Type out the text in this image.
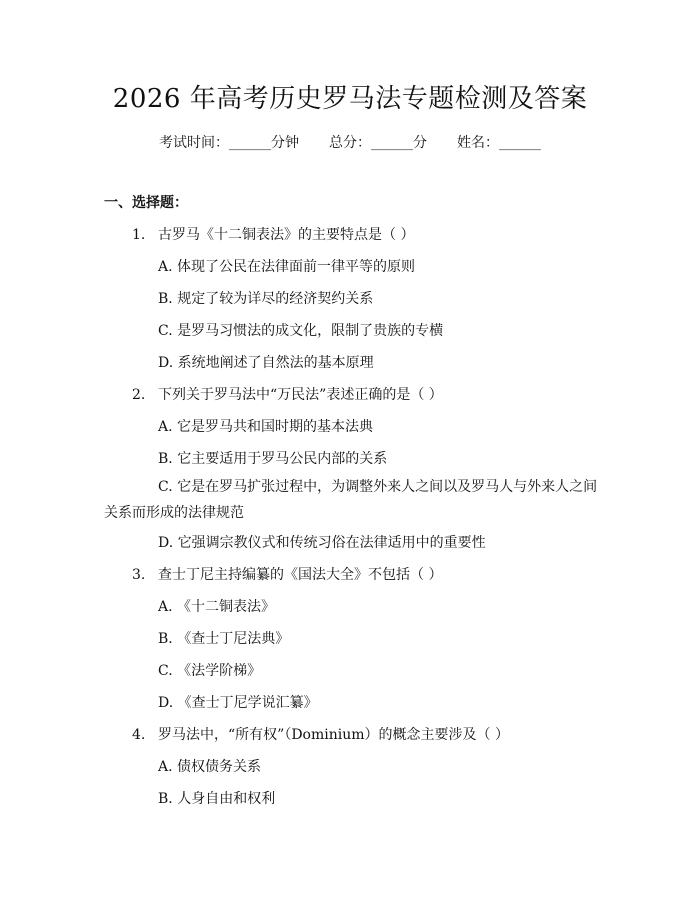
2026 年高考历史罗马法专题检测及答案
考试时间：______分钟 总分：______分 姓名：______
一、选择题：
1. 古罗马《十二铜表法》的主要特点是（ ）
A. 体现了公民在法律面前一律平等的原则
B. 规定了较为详尽的经济契约关系
C. 是罗马习惯法的成文化，限制了贵族的专横
D. 系统地阐述了自然法的基本原理
2. 下列关于罗马法中“万民法”表述正确的是（ ）
A. 它是罗马共和国时期的基本法典
B. 它主要适用于罗马公民内部的关系
C. 它是在罗马扩张过程中，为调整外来人之间以及罗马人与外来人之间关系而形成的法律规范
D. 它强调宗教仪式和传统习俗在法律适用中的重要性
3. 查士丁尼主持编纂的《国法大全》不包括（ ）
A. 《十二铜表法》
B. 《查士丁尼法典》
C. 《法学阶梯》
D. 《查士丁尼学说汇纂》
4. 罗马法中，“所有权”（Dominium）的概念主要涉及（ ）
A. 债权债务关系
B. 人身自由和权利
